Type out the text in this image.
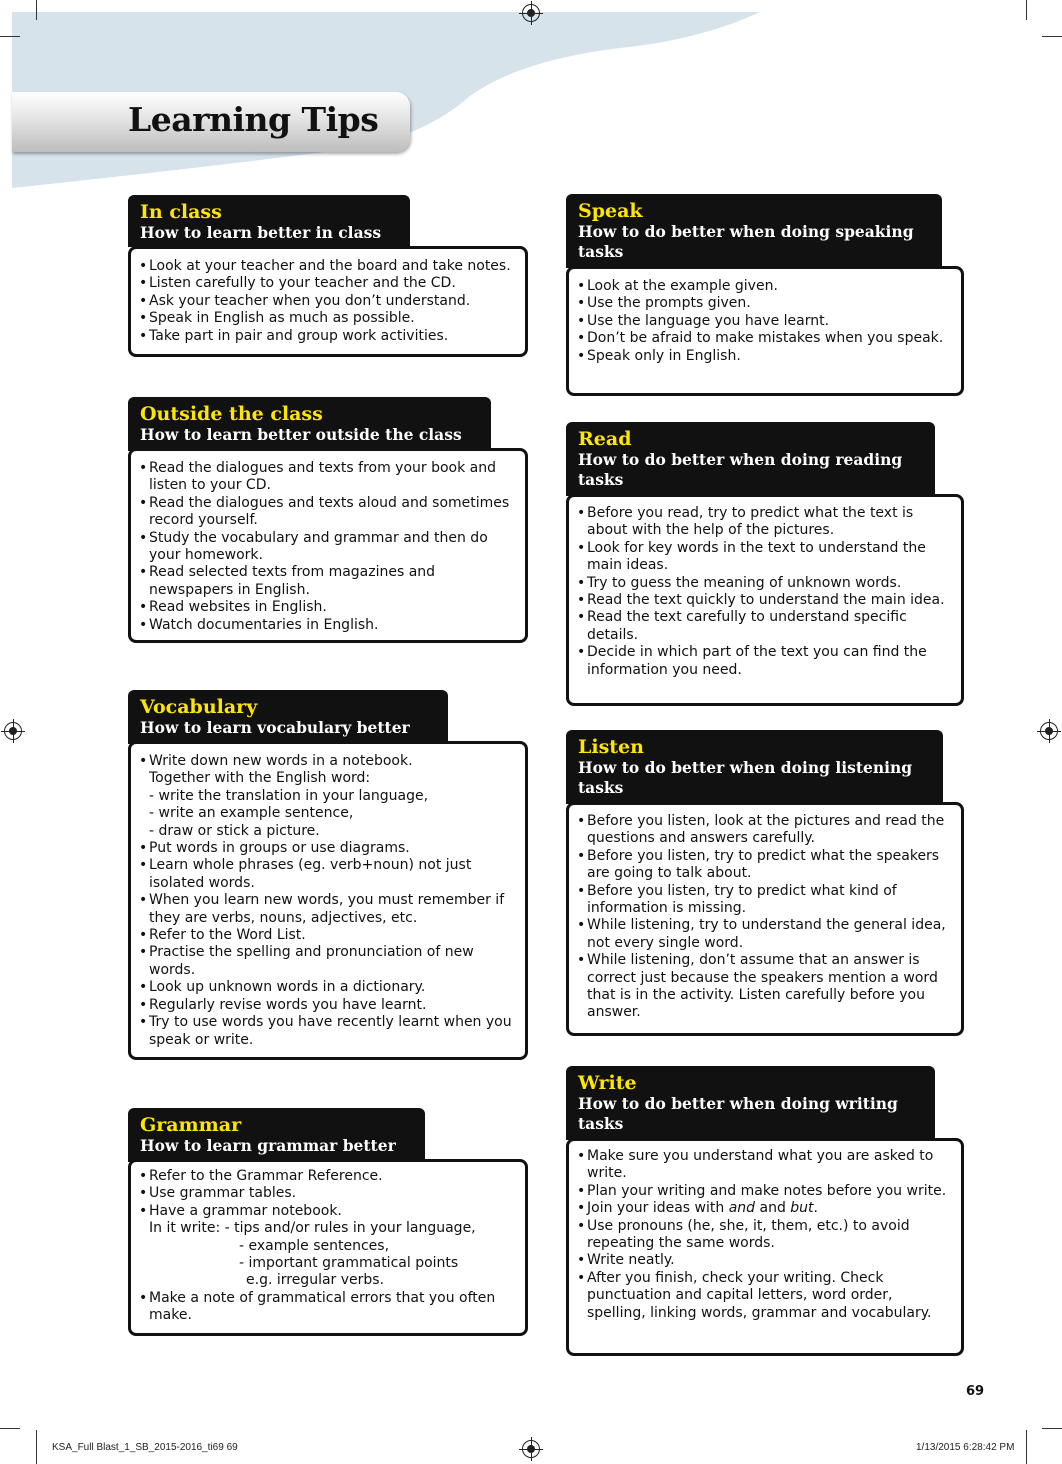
Learning Tips
In class
How to learn better in class
• Look at your teacher and the board and take notes.
• Listen carefully to your teacher and the CD.
• Ask your teacher when you don’t understand.
• Speak in English as much as possible.
• Take part in pair and group work activities.
Outside the class
How to learn better outside the class
• Read the dialogues and texts from your book and listen to your CD.
• Read the dialogues and texts aloud and sometimes record yourself.
• Study the vocabulary and grammar and then do your homework.
• Read selected texts from magazines and newspapers in English.
• Read websites in English.
• Watch documentaries in English.
Vocabulary
How to learn vocabulary better
• Write down new words in a notebook.
Together with the English word:
- write the translation in your language,
- write an example sentence,
- draw or stick a picture.
• Put words in groups or use diagrams.
• Learn whole phrases (eg. verb+noun) not just isolated words.
• When you learn new words, you must remember if they are verbs, nouns, adjectives, etc.
• Refer to the Word List.
• Practise the spelling and pronunciation of new words.
• Look up unknown words in a dictionary.
• Regularly revise words you have learnt.
• Try to use words you have recently learnt when you speak or write.
Grammar
How to learn grammar better
• Refer to the Grammar Reference.
• Use grammar tables.
• Have a grammar notebook.
In it write: - tips and/or rules in your language,
- example sentences,
- important grammatical points
e.g. irregular verbs.
• Make a note of grammatical errors that you often make.
Speak
How to do better when doing speaking tasks
• Look at the example given.
• Use the prompts given.
• Use the language you have learnt.
• Don’t be afraid to make mistakes when you speak.
• Speak only in English.
Read
How to do better when doing reading tasks
• Before you read, try to predict what the text is about with the help of the pictures.
• Look for key words in the text to understand the main ideas.
• Try to guess the meaning of unknown words.
• Read the text quickly to understand the main idea.
• Read the text carefully to understand specific details.
• Decide in which part of the text you can find the information you need.
Listen
How to do better when doing listening tasks
• Before you listen, look at the pictures and read the questions and answers carefully.
• Before you listen, try to predict what the speakers are going to talk about.
• Before you listen, try to predict what kind of information is missing.
• While listening, try to understand the general idea, not every single word.
• While listening, don’t assume that an answer is correct just because the speakers mention a word that is in the activity. Listen carefully before you answer.
Write
How to do better when doing writing tasks
• Make sure you understand what you are asked to write.
• Plan your writing and make notes before you write.
• Join your ideas with and and but.
• Use pronouns (he, she, it, them, etc.) to avoid repeating the same words.
• Write neatly.
• After you finish, check your writing. Check punctuation and capital letters, word order, spelling, linking words, grammar and vocabulary.
69
KSA_Full Blast_1_SB_2015-2016_ti69 69	1/13/2015 6:28:42 PM
